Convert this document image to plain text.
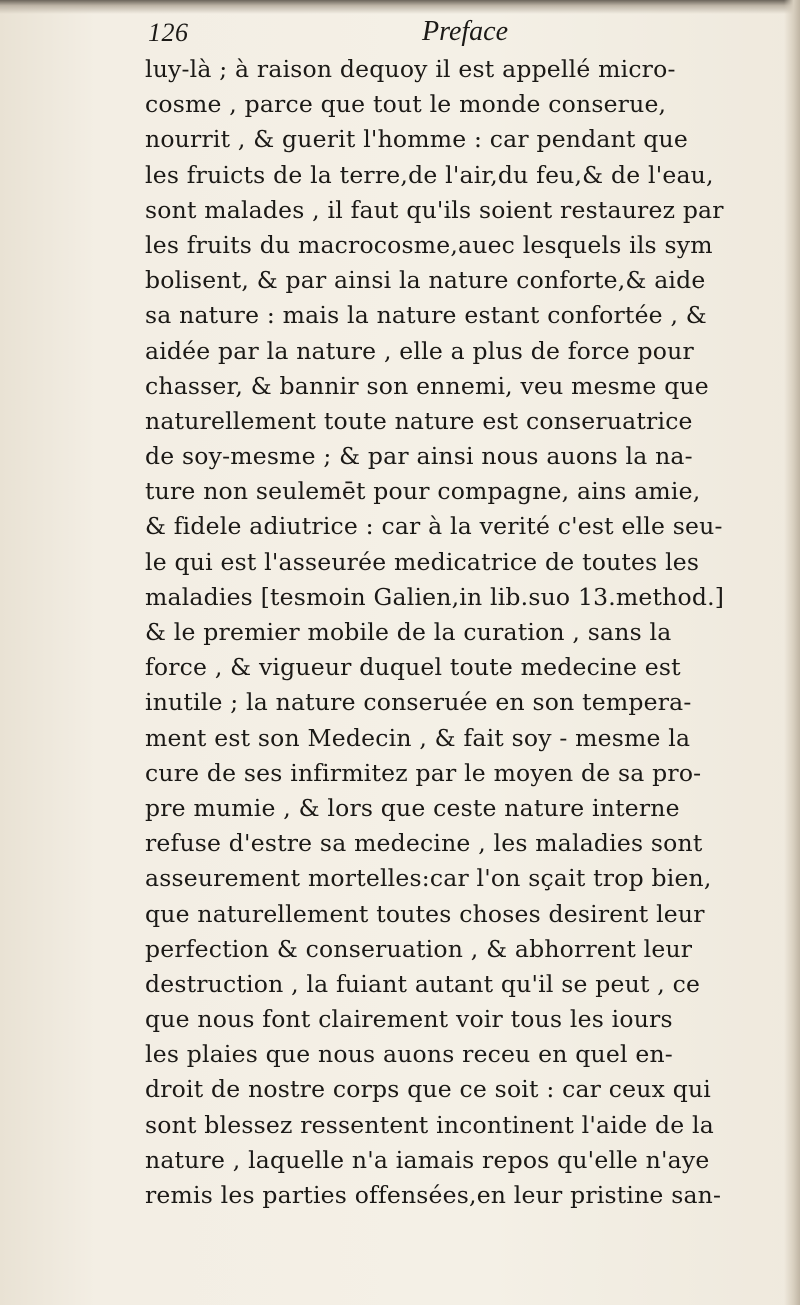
126	Preface
luy-là ; à raison dequoy il est appellé micro-
cosme , parce que tout le monde conserue,
nourrit , & guerit l'homme : car pendant que
les fruicts de la terre,de l'air,du feu,& de l'eau,
sont malades , il faut qu'ils soient restaurez par
les fruits du macrocosme,auec lesquels ils sym
bolisent, & par ainsi la nature conforte,& aide
sa nature : mais la nature estant confortée , &
aidée par la nature , elle a plus de force pour
chasser, & bannir son ennemi, veu mesme que
naturellement toute nature est conseruatrice
de soy-mesme ; & par ainsi nous auons la na-
ture non seulemēt pour compagne, ains amie,
& fidele adiutrice : car à la verité c'est elle seu-
le qui est l'asseurée medicatrice de toutes les
maladies [tesmoin Galien,in lib.suo 13.method.]
& le premier mobile de la curation , sans la
force , & vigueur duquel toute medecine est
inutile ; la nature conseruée en son tempera-
ment est son Medecin , & fait soy - mesme la
cure de ses infirmitez par le moyen de sa pro-
pre mumie , & lors que ceste nature interne
refuse d'estre sa medecine , les maladies sont
asseurement mortelles:car l'on sçait trop bien,
que naturellement toutes choses desirent leur
perfection & conseruation , & abhorrent leur
destruction , la fuiant autant qu'il se peut , ce
que nous font clairement voir tous les iours
les plaies que nous auons receu en quel en-
droit de nostre corps que ce soit : car ceux qui
sont blessez ressentent incontinent l'aide de la
nature , laquelle n'a iamais repos qu'elle n'aye
remis les parties offensées,en leur pristine san-
